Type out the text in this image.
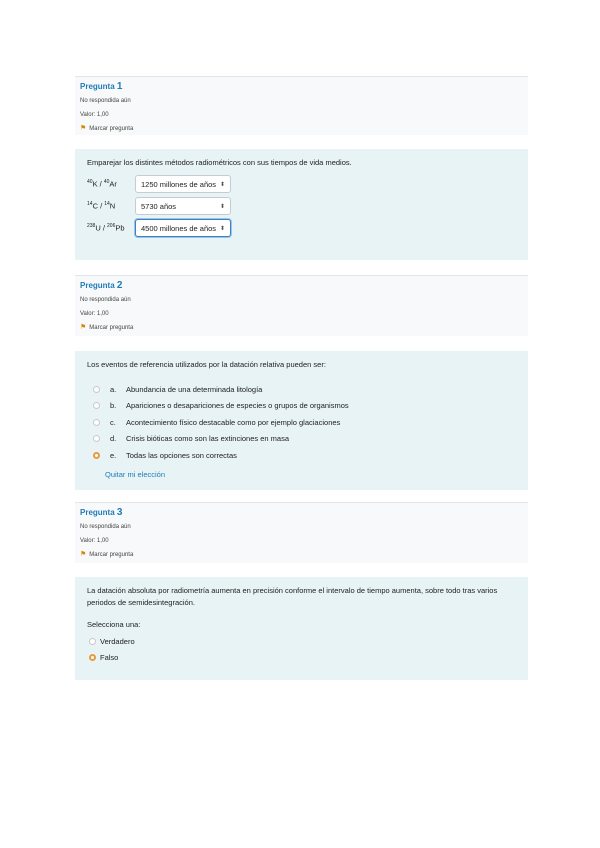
Pregunta 1
No respondida aún
Valor: 1,00
⚑ Marcar pregunta

Emparejar los distintes métodos radiométricos con sus tiempos de vida medios.

$^{40}$K / $^{40}$Ar	1250 millones de años ⬍
$^{14}$C / $^{14}$N	5730 años	⬍
$^{238}$U / $^{206}$Pb	4500 millones de años ⬍
Pregunta 2
No respondida aún
Valor: 1,00
⚑ Marcar pregunta

Los eventos de referencia utilizados por la datación relativa pueden ser:

a.	Abundancia de una determinada litología
b.	Apariciones o desapariciones de especies o grupos de organismos
c.	Acontecimiento físico destacable como por ejemplo glaciaciones
d.	Crisis bióticas como son las extinciones en masa
e.	Todas las opciones son correctas
Quitar mi elección
Pregunta 3
No respondida aún
Valor: 1,00
⚑ Marcar pregunta

La datación absoluta por radiometría aumenta en precisión conforme el intervalo de tiempo aumenta, sobre todo tras varios periodos de semidesintegración.

Selecciona una:
Verdadero
Falso
